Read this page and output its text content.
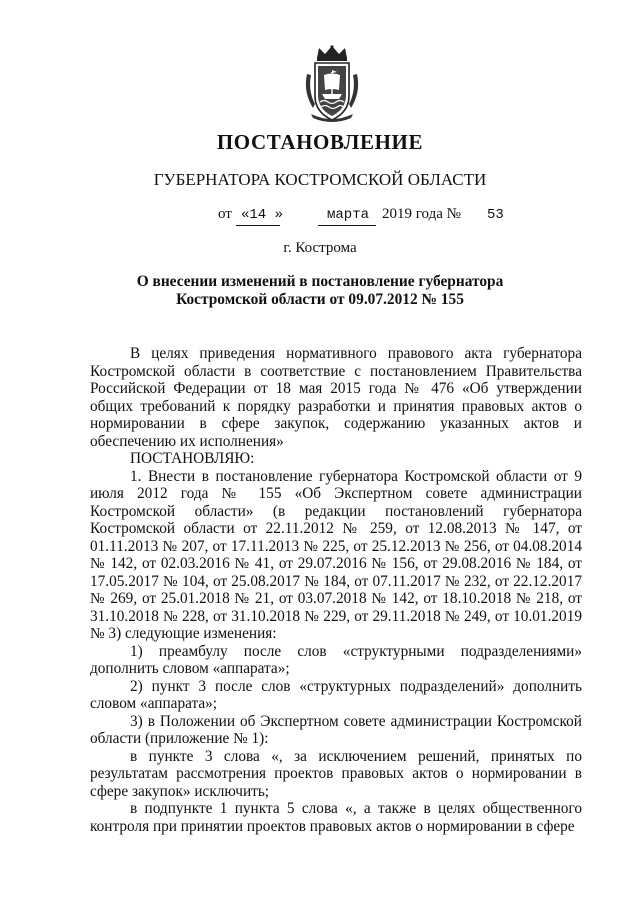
ПОСТАНОВЛЕНИЕ

ГУБЕРНАТОРА КОСТРОМСКОЙ ОБЛАСТИ

от «14 »	марта 2019 года № 53

г. Кострома

О внесении изменений в постановление губернатора
Костромской области от 09.07.2012 № 155

В целях приведения нормативного правового акта губернатора Костромской области в соответствие с постановлением Правительства Российской Федерации от 18 мая 2015 года № 476 «Об утверждении общих требований к порядку разработки и принятия правовых актов о нормировании в сфере закупок, содержанию указанных актов и обеспечению их исполнения»

ПОСТАНОВЛЯЮ:

1. Внести в постановление губернатора Костромской области от 9 июля 2012 года № 155 «Об Экспертном совете администрации Костромской области» (в редакции постановлений губернатора Костромской области от 22.11.2012 № 259, от 12.08.2013 № 147, от 01.11.2013 № 207, от 17.11.2013 № 225, от 25.12.2013 № 256, от 04.08.2014 № 142, от 02.03.2016 № 41, от 29.07.2016 № 156, от 29.08.2016 № 184, от 17.05.2017 № 104, от 25.08.2017 № 184, от 07.11.2017 № 232, от 22.12.2017 № 269, от 25.01.2018 № 21, от 03.07.2018 № 142, от 18.10.2018 № 218, от 31.10.2018 № 228, от 31.10.2018 № 229, от 29.11.2018 № 249, от 10.01.2019 № 3) следующие изменения:

1) преамбулу после слов «структурными подразделениями» дополнить словом «аппарата»;

2) пункт 3 после слов «структурных подразделений» дополнить словом «аппарата»;

3) в Положении об Экспертном совете администрации Костромской области (приложение № 1):

в пункте 3 слова «, за исключением решений, принятых по результатам рассмотрения проектов правовых актов о нормировании в сфере закупок» исключить;

в подпункте 1 пункта 5 слова «, а также в целях общественного контроля при принятии проектов правовых актов о нормировании в сфере
